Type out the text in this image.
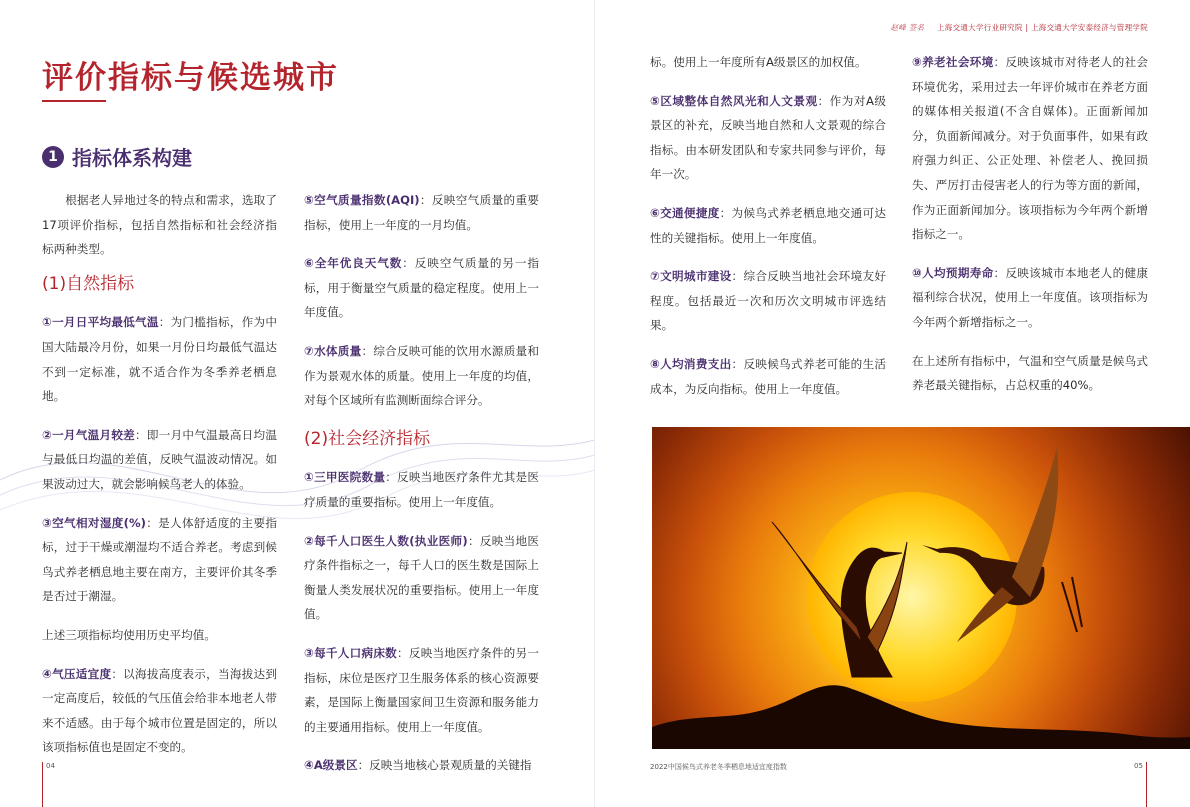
评价指标与候选城市
1 指标体系构建

根据老人异地过冬的特点和需求，选取了17项评价指标，包括自然指标和社会经济指标两种类型。

(1)自然指标

①一月日平均最低气温：为门槛指标，作为中国大陆最冷月份，如果一月份日均最低气温达不到一定标准，就不适合作为冬季养老栖息地。

②一月气温月较差：即一月中气温最高日均温与最低日均温的差值，反映气温波动情况。如果波动过大，就会影响候鸟老人的体验。

③空气相对湿度(%)：是人体舒适度的主要指标，过于干燥或潮湿均不适合养老。考虑到候鸟式养老栖息地主要在南方，主要评价其冬季是否过于潮湿。

上述三项指标均使用历史平均值。

④气压适宜度：以海拔高度表示，当海拔达到一定高度后，较低的气压值会给非本地老人带来不适感。由于每个城市位置是固定的，所以该项指标值也是固定不变的。

⑤空气质量指数(AQI)：反映空气质量的重要指标，使用上一年度的一月均值。

⑥全年优良天气数：反映空气质量的另一指标，用于衡量空气质量的稳定程度。使用上一年度值。

⑦水体质量：综合反映可能的饮用水源质量和作为景观水体的质量。使用上一年度的均值，对每个区域所有监测断面综合评分。

(2)社会经济指标

①三甲医院数量：反映当地医疗条件尤其是医疗质量的重要指标。使用上一年度值。

②每千人口医生人数(执业医师)：反映当地医疗条件指标之一，每千人口的医生数是国际上衡量人类发展状况的重要指标。使用上一年度值。

③每千人口病床数：反映当地医疗条件的另一指标，床位是医疗卫生服务体系的核心资源要素，是国际上衡量国家间卫生资源和服务能力的主要通用指标。使用上一年度值。

④A级景区：反映当地核心景观质量的关键指

04
赵峰 签名 上海交通大学行业研究院 | 上海交通大学安泰经济与管理学院

标。使用上一年度所有A级景区的加权值。

⑤区域整体自然风光和人文景观：作为对A级景区的补充，反映当地自然和人文景观的综合指标。由本研发团队和专家共同参与评价，每年一次。

⑥交通便捷度：为候鸟式养老栖息地交通可达性的关键指标。使用上一年度值。

⑦文明城市建设：综合反映当地社会环境友好程度。包括最近一次和历次文明城市评选结果。

⑧人均消费支出：反映候鸟式养老可能的生活成本，为反向指标。使用上一年度值。

⑨养老社会环境：反映该城市对待老人的社会环境优劣，采用过去一年评价城市在养老方面的媒体相关报道(不含自媒体)。正面新闻加分，负面新闻减分。对于负面事件，如果有政府强力纠正、公正处理、补偿老人、挽回损失、严厉打击侵害老人的行为等方面的新闻，作为正面新闻加分。该项指标为今年两个新增指标之一。

⑩人均预期寿命：反映该城市本地老人的健康福利综合状况，使用上一年度值。该项指标为今年两个新增指标之一。

在上述所有指标中，气温和空气质量是候鸟式养老最关键指标，占总权重的40%。

2022中国候鸟式养老冬季栖息地适宜度指数	05
